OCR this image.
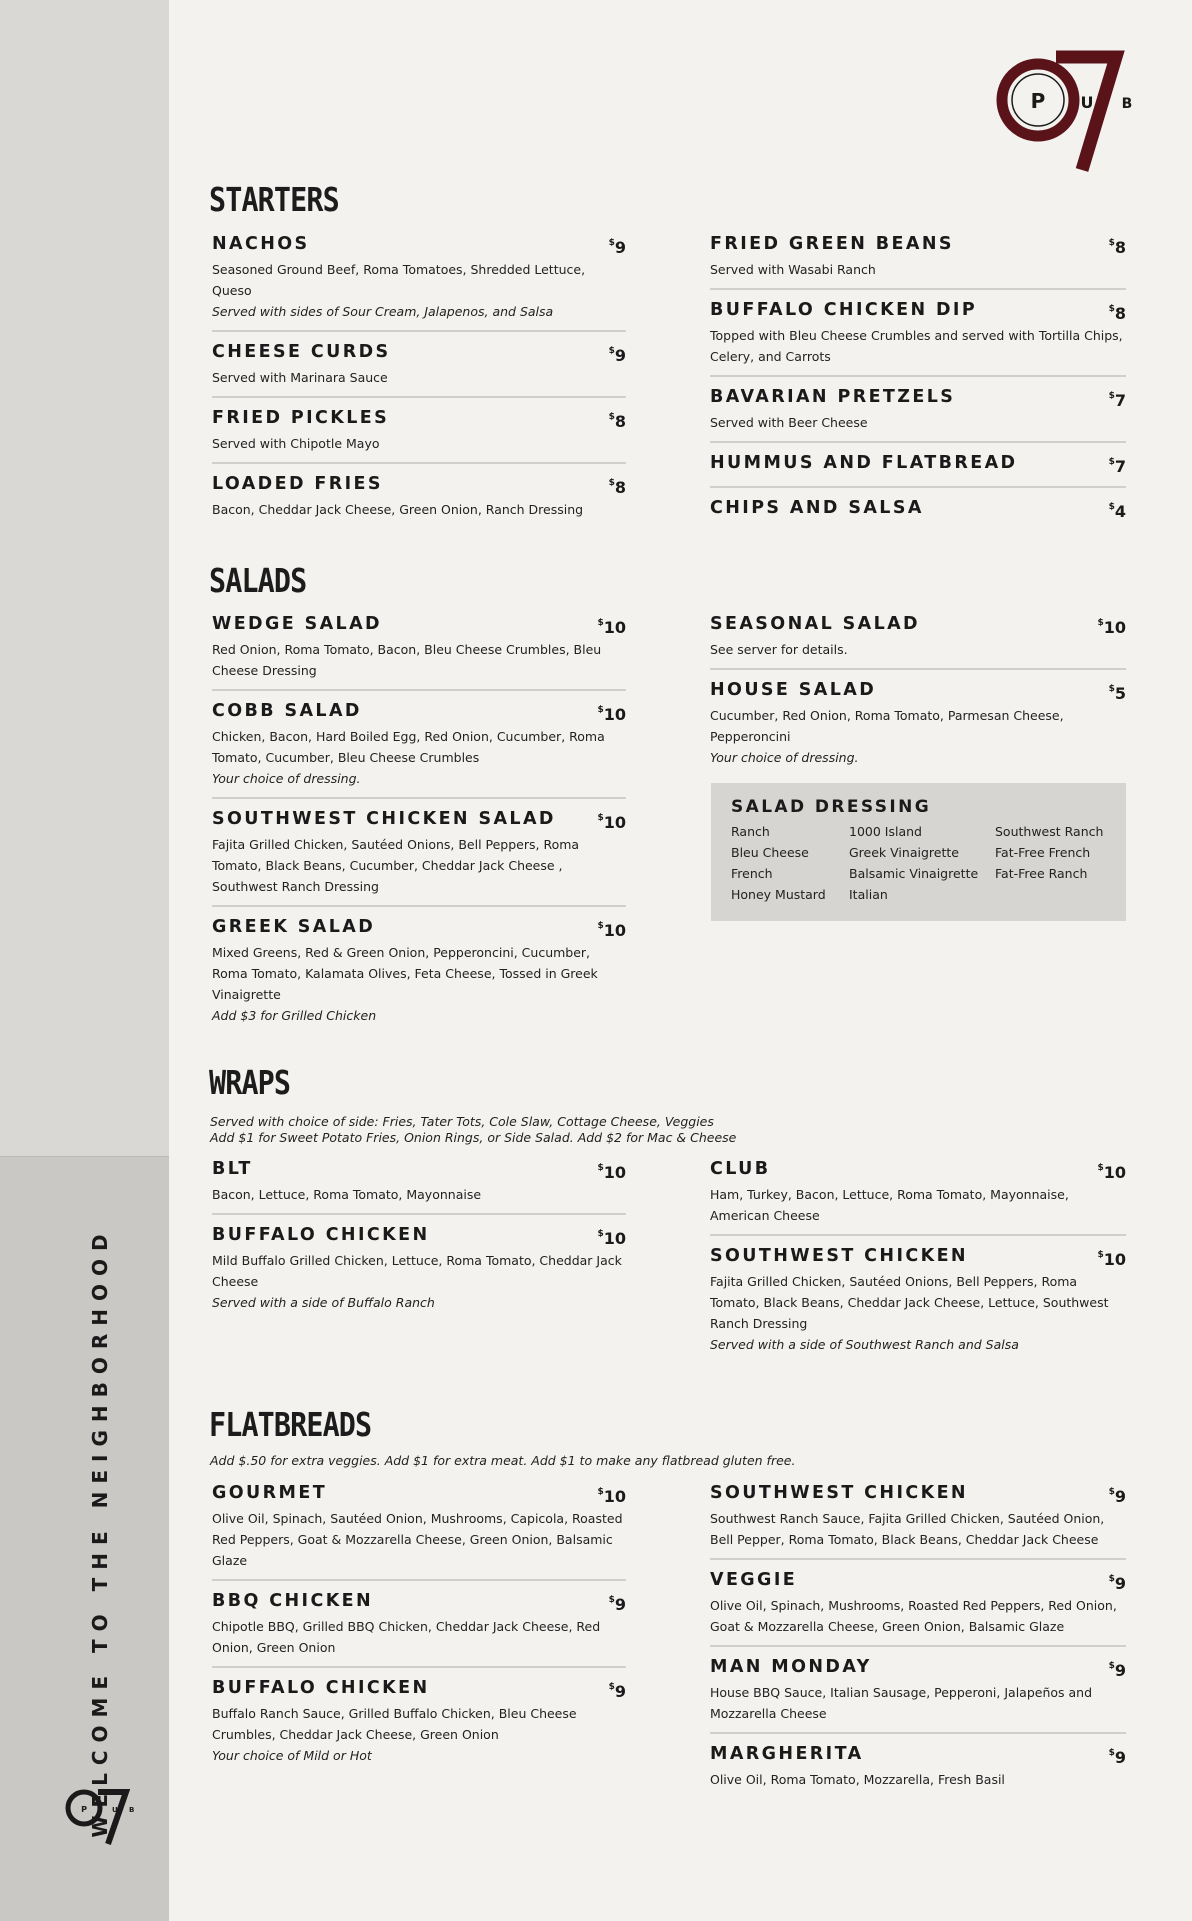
WELCOME TO THE NEIGHBORHOOD
P	U B
P U B
STARTERS
NACHOS	$9
Seasoned Ground Beef, Roma Tomatoes, Shredded Lettuce, Queso
Served with sides of Sour Cream, Jalapenos, and Salsa
CHEESE CURDS	$9
Served with Marinara Sauce
FRIED PICKLES	$8
Served with Chipotle Mayo
LOADED FRIES	$8
Bacon, Cheddar Jack Cheese, Green Onion, Ranch Dressing
FRIED GREEN BEANS	$8
Served with Wasabi Ranch
BUFFALO CHICKEN DIP	$8
Topped with Bleu Cheese Crumbles and served with Tortilla Chips, Celery, and Carrots
BAVARIAN PRETZELS	$7
Served with Beer Cheese
HUMMUS AND FLATBREAD	$7
CHIPS AND SALSA	$4
SALADS
WEDGE SALAD	$10
Red Onion, Roma Tomato, Bacon, Bleu Cheese Crumbles, Bleu Cheese Dressing
COBB SALAD	$10
Chicken, Bacon, Hard Boiled Egg, Red Onion, Cucumber, Roma Tomato, Cucumber, Bleu Cheese Crumbles
Your choice of dressing.
SOUTHWEST CHICKEN SALAD	$10
Fajita Grilled Chicken, Sautéed Onions, Bell Peppers, Roma Tomato, Black Beans, Cucumber, Cheddar Jack Cheese , Southwest Ranch Dressing
GREEK SALAD	$10
Mixed Greens, Red & Green Onion, Pepperoncini, Cucumber, Roma Tomato, Kalamata Olives, Feta Cheese, Tossed in Greek Vinaigrette
Add $3 for Grilled Chicken
SEASONAL SALAD	$10
See server for details.
HOUSE SALAD	$5
Cucumber, Red Onion, Roma Tomato, Parmesan Cheese, Pepperoncini
Your choice of dressing.
SALAD DRESSING
Ranch	1000 Island	Southwest Ranch
Bleu Cheese	Greek Vinaigrette	Fat-Free French
French	Balsamic Vinaigrette	Fat-Free Ranch
Honey Mustard	Italian
WRAPS
Served with choice of side: Fries, Tater Tots, Cole Slaw, Cottage Cheese, Veggies
Add $1 for Sweet Potato Fries, Onion Rings, or Side Salad. Add $2 for Mac & Cheese
BLT	$10
Bacon, Lettuce, Roma Tomato, Mayonnaise
BUFFALO CHICKEN	$10
Mild Buffalo Grilled Chicken, Lettuce, Roma Tomato, Cheddar Jack Cheese
Served with a side of Buffalo Ranch
CLUB	$10
Ham, Turkey, Bacon, Lettuce, Roma Tomato, Mayonnaise, American Cheese
SOUTHWEST CHICKEN	$10
Fajita Grilled Chicken, Sautéed Onions, Bell Peppers, Roma Tomato, Black Beans, Cheddar Jack Cheese, Lettuce, Southwest Ranch Dressing
Served with a side of Southwest Ranch and Salsa
FLATBREADS
Add $.50 for extra veggies. Add $1 for extra meat. Add $1 to make any flatbread gluten free.
GOURMET	$10
Olive Oil, Spinach, Sautéed Onion, Mushrooms, Capicola, Roasted Red Peppers, Goat & Mozzarella Cheese, Green Onion, Balsamic Glaze
BBQ CHICKEN	$9
Chipotle BBQ, Grilled BBQ Chicken, Cheddar Jack Cheese, Red Onion, Green Onion
BUFFALO CHICKEN	$9
Buffalo Ranch Sauce, Grilled Buffalo Chicken, Bleu Cheese Crumbles, Cheddar Jack Cheese, Green Onion
Your choice of Mild or Hot
SOUTHWEST CHICKEN	$9
Southwest Ranch Sauce, Fajita Grilled Chicken, Sautéed Onion, Bell Pepper, Roma Tomato, Black Beans, Cheddar Jack Cheese
VEGGIE	$9
Olive Oil, Spinach, Mushrooms, Roasted Red Peppers, Red Onion, Goat & Mozzarella Cheese, Green Onion, Balsamic Glaze
MAN MONDAY	$9
House BBQ Sauce, Italian Sausage, Pepperoni, Jalapeños and Mozzarella Cheese
MARGHERITA	$9
Olive Oil, Roma Tomato, Mozzarella, Fresh Basil
